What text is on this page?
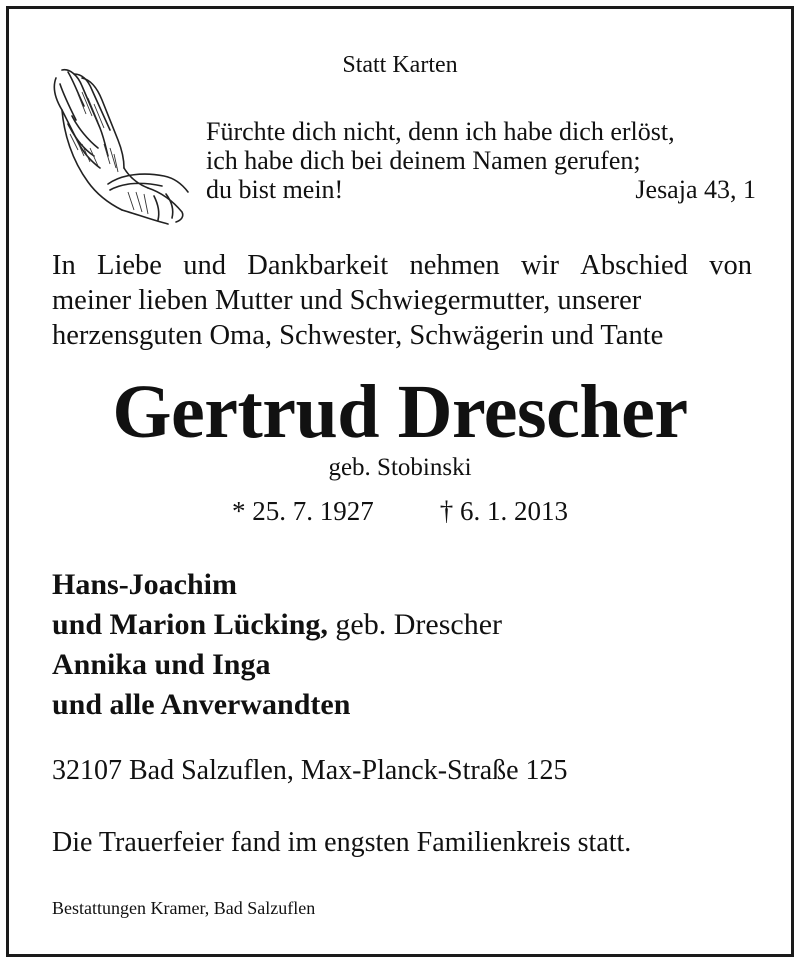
Statt Karten
Fürchte dich nicht, denn ich habe dich erlöst,
ich habe dich bei deinem Namen gerufen;
du bist mein!	Jesaja 43, 1
In Liebe und Dankbarkeit nehmen wir Abschied von
meiner lieben Mutter und Schwiegermutter, unserer
herzensguten Oma, Schwester, Schwägerin und Tante
Gertrud Drescher
geb. Stobinski
* 25. 7. 1927 † 6. 1. 2013
Hans-Joachim
und Marion Lücking, geb. Drescher
Annika und Inga
und alle Anverwandten
32107 Bad Salzuflen, Max-Planck-Straße 125
Die Trauerfeier fand im engsten Familienkreis statt.
Bestattungen Kramer, Bad Salzuflen
